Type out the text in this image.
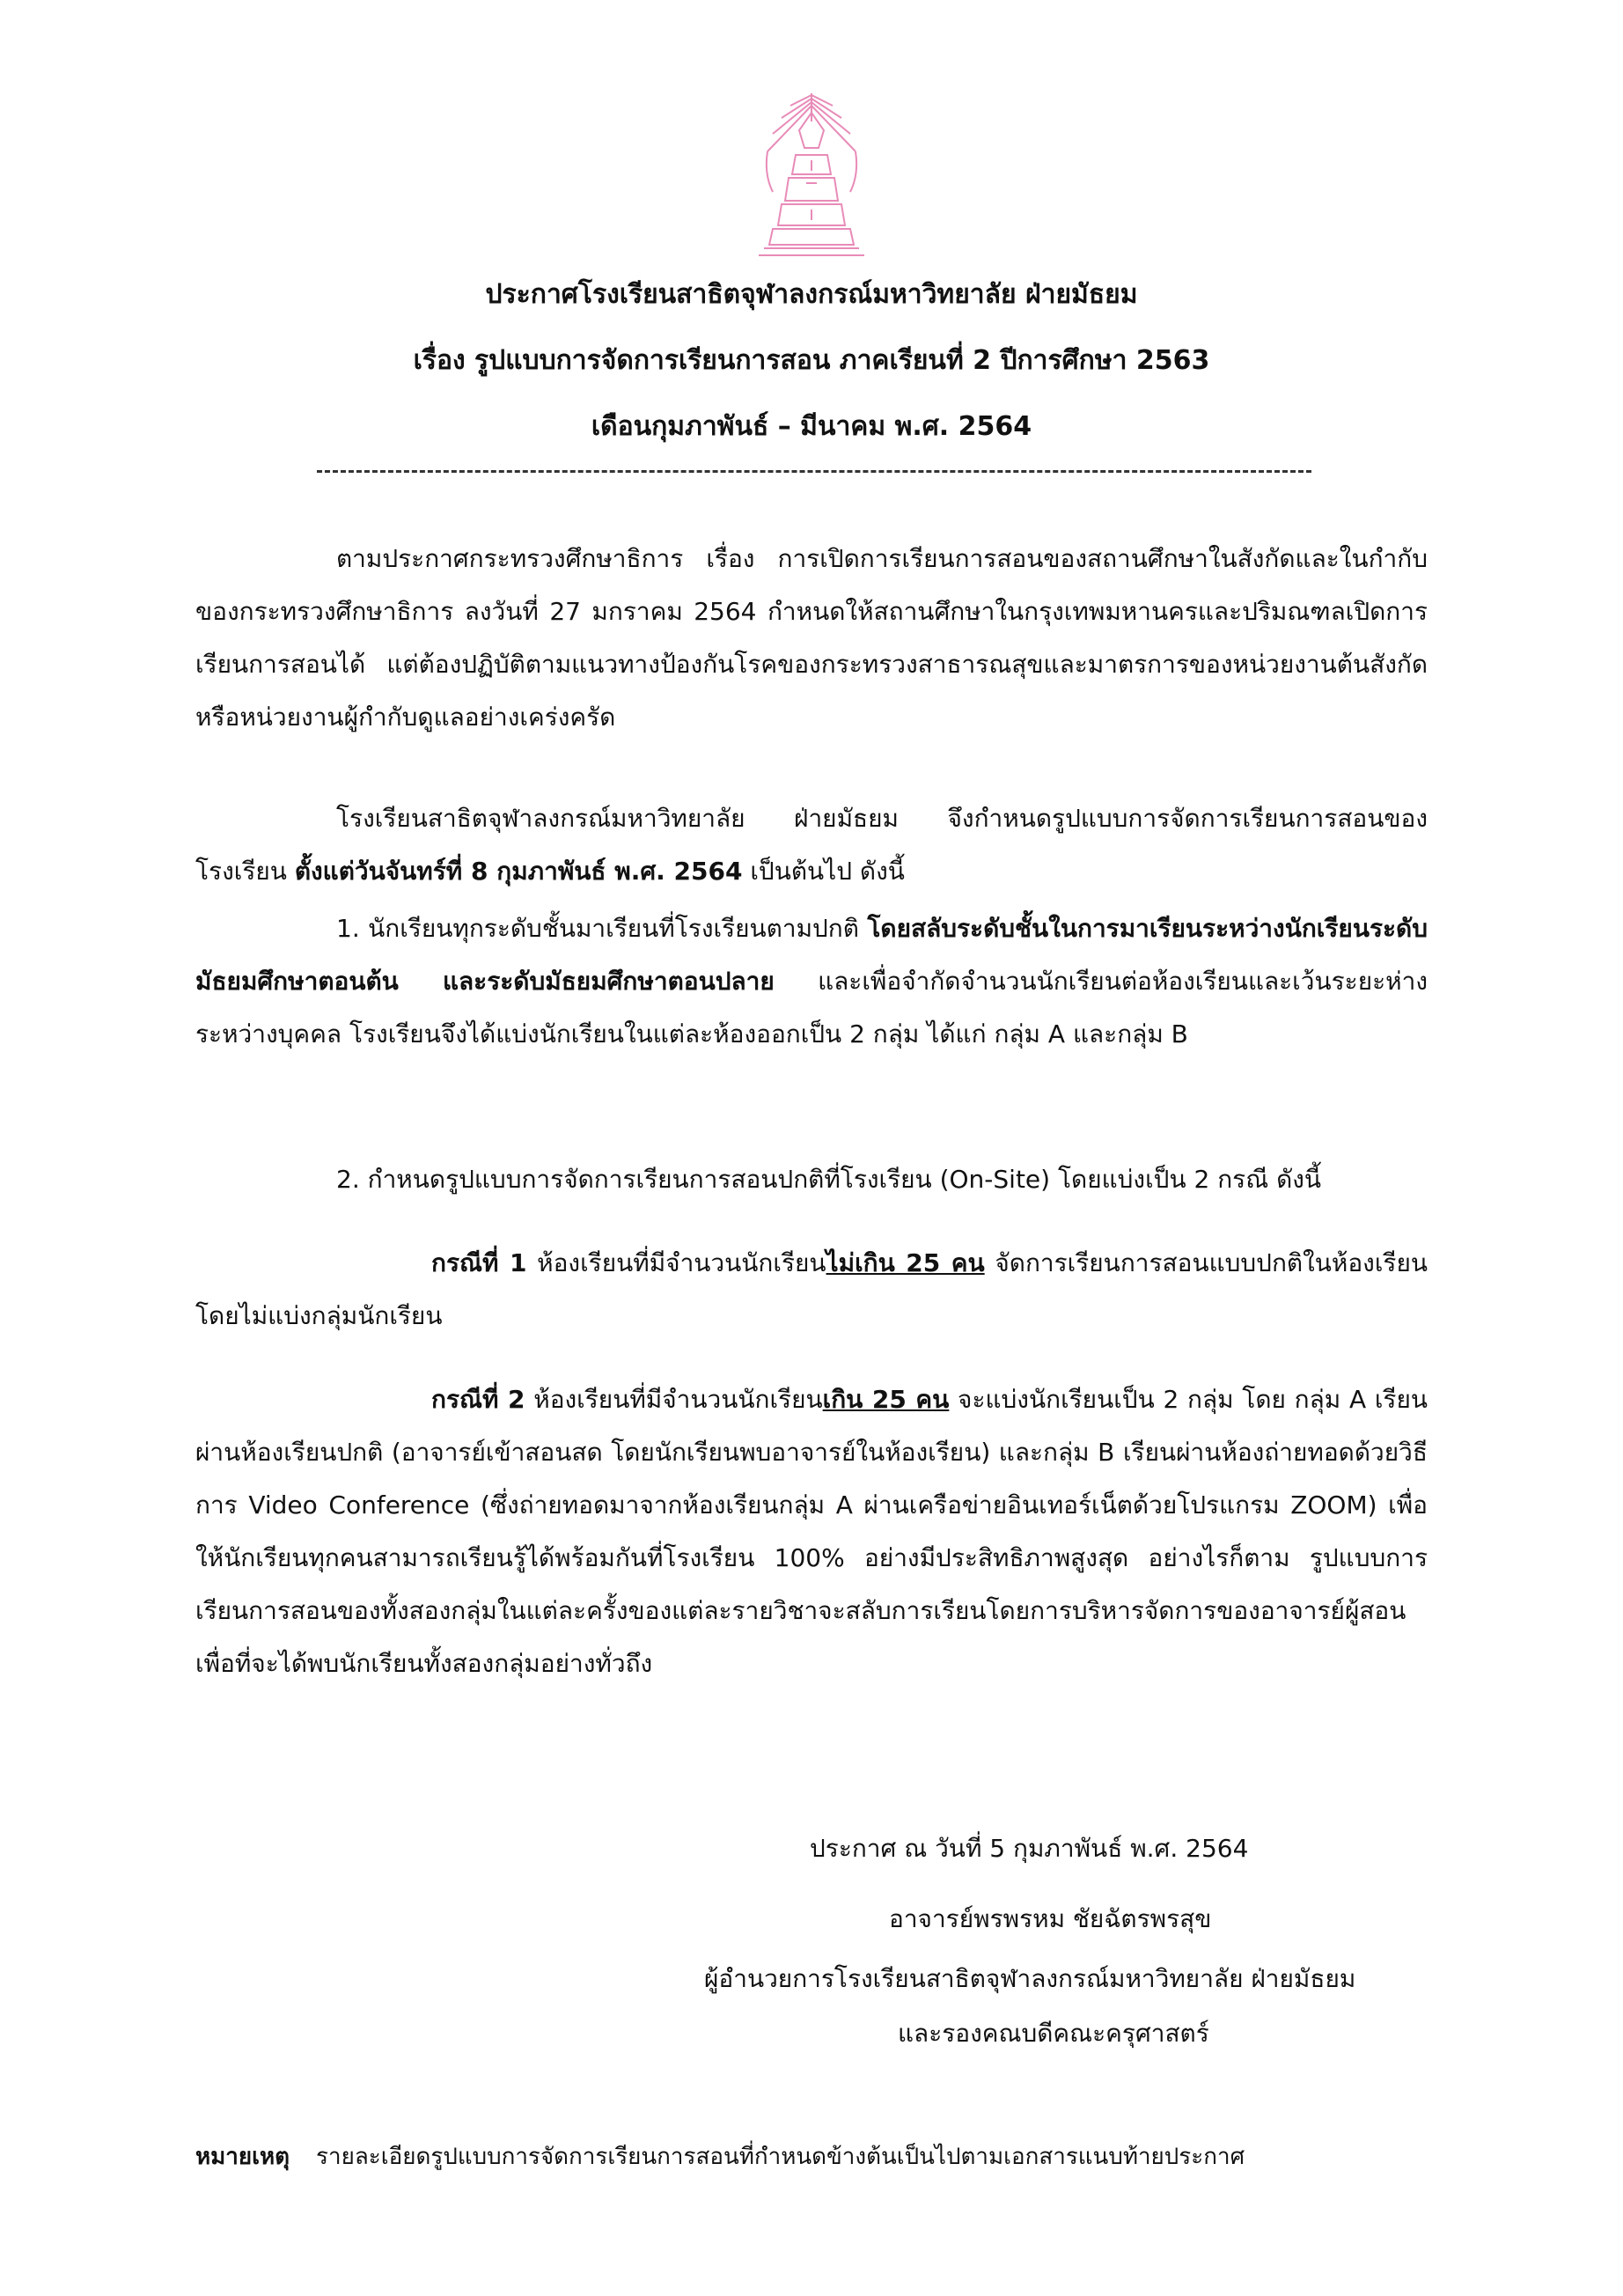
ประกาศโรงเรียนสาธิตจุฬาลงกรณ์มหาวิทยาลัย ฝ่ายมัธยม
เรื่อง รูปแบบการจัดการเรียนการสอน ภาคเรียนที่ 2 ปีการศึกษา 2563
เดือนกุมภาพันธ์ – มีนาคม พ.ศ. 2564
ตามประกาศกระทรวงศึกษาธิการ เรื่อง การเปิดการเรียนการสอนของสถานศึกษาในสังกัดและในกำกับของกระทรวงศึกษาธิการ ลงวันที่ 27 มกราคม 2564 กำหนดให้สถานศึกษาในกรุงเทพมหานครและปริมณฑลเปิดการเรียนการสอนได้ แต่ต้องปฏิบัติตามแนวทางป้องกันโรคของกระทรวงสาธารณสุขและมาตรการของหน่วยงานต้นสังกัดหรือหน่วยงานผู้กำกับดูแลอย่างเคร่งครัด
โรงเรียนสาธิตจุฬาลงกรณ์มหาวิทยาลัย ฝ่ายมัธยม จึงกำหนดรูปแบบการจัดการเรียนการสอนของโรงเรียน ตั้งแต่วันจันทร์ที่ 8 กุมภาพันธ์ พ.ศ. 2564 เป็นต้นไป ดังนี้
1. นักเรียนทุกระดับชั้นมาเรียนที่โรงเรียนตามปกติ โดยสลับระดับชั้นในการมาเรียนระหว่างนักเรียนระดับมัธยมศึกษาตอนต้น และระดับมัธยมศึกษาตอนปลาย และเพื่อจำกัดจำนวนนักเรียนต่อห้องเรียนและเว้นระยะห่างระหว่างบุคคล โรงเรียนจึงได้แบ่งนักเรียนในแต่ละห้องออกเป็น 2 กลุ่ม ได้แก่ กลุ่ม A และกลุ่ม B
2. กำหนดรูปแบบการจัดการเรียนการสอนปกติที่โรงเรียน (On-Site) โดยแบ่งเป็น 2 กรณี ดังนี้
กรณีที่ 1 ห้องเรียนที่มีจำนวนนักเรียนไม่เกิน 25 คน จัดการเรียนการสอนแบบปกติในห้องเรียนโดยไม่แบ่งกลุ่มนักเรียน
กรณีที่ 2 ห้องเรียนที่มีจำนวนนักเรียนเกิน 25 คน จะแบ่งนักเรียนเป็น 2 กลุ่ม โดย กลุ่ม A เรียนผ่านห้องเรียนปกติ (อาจารย์เข้าสอนสด โดยนักเรียนพบอาจารย์ในห้องเรียน) และกลุ่ม B เรียนผ่านห้องถ่ายทอดด้วยวิธีการ Video Conference (ซึ่งถ่ายทอดมาจากห้องเรียนกลุ่ม A ผ่านเครือข่ายอินเทอร์เน็ตด้วยโปรแกรม ZOOM) เพื่อให้นักเรียนทุกคนสามารถเรียนรู้ได้พร้อมกันที่โรงเรียน 100% อย่างมีประสิทธิภาพสูงสุด อย่างไรก็ตาม รูปแบบการเรียนการสอนของทั้งสองกลุ่มในแต่ละครั้งของแต่ละรายวิชาจะสลับการเรียนโดยการบริหารจัดการของอาจารย์ผู้สอนเพื่อที่จะได้พบนักเรียนทั้งสองกลุ่มอย่างทั่วถึง
ประกาศ ณ วันที่ 5 กุมภาพันธ์ พ.ศ. 2564
อาจารย์พรพรหม ชัยฉัตรพรสุข
ผู้อำนวยการโรงเรียนสาธิตจุฬาลงกรณ์มหาวิทยาลัย ฝ่ายมัธยม
และรองคณบดีคณะครุศาสตร์
หมายเหตุ รายละเอียดรูปแบบการจัดการเรียนการสอนที่กำหนดข้างต้นเป็นไปตามเอกสารแนบท้ายประกาศ
